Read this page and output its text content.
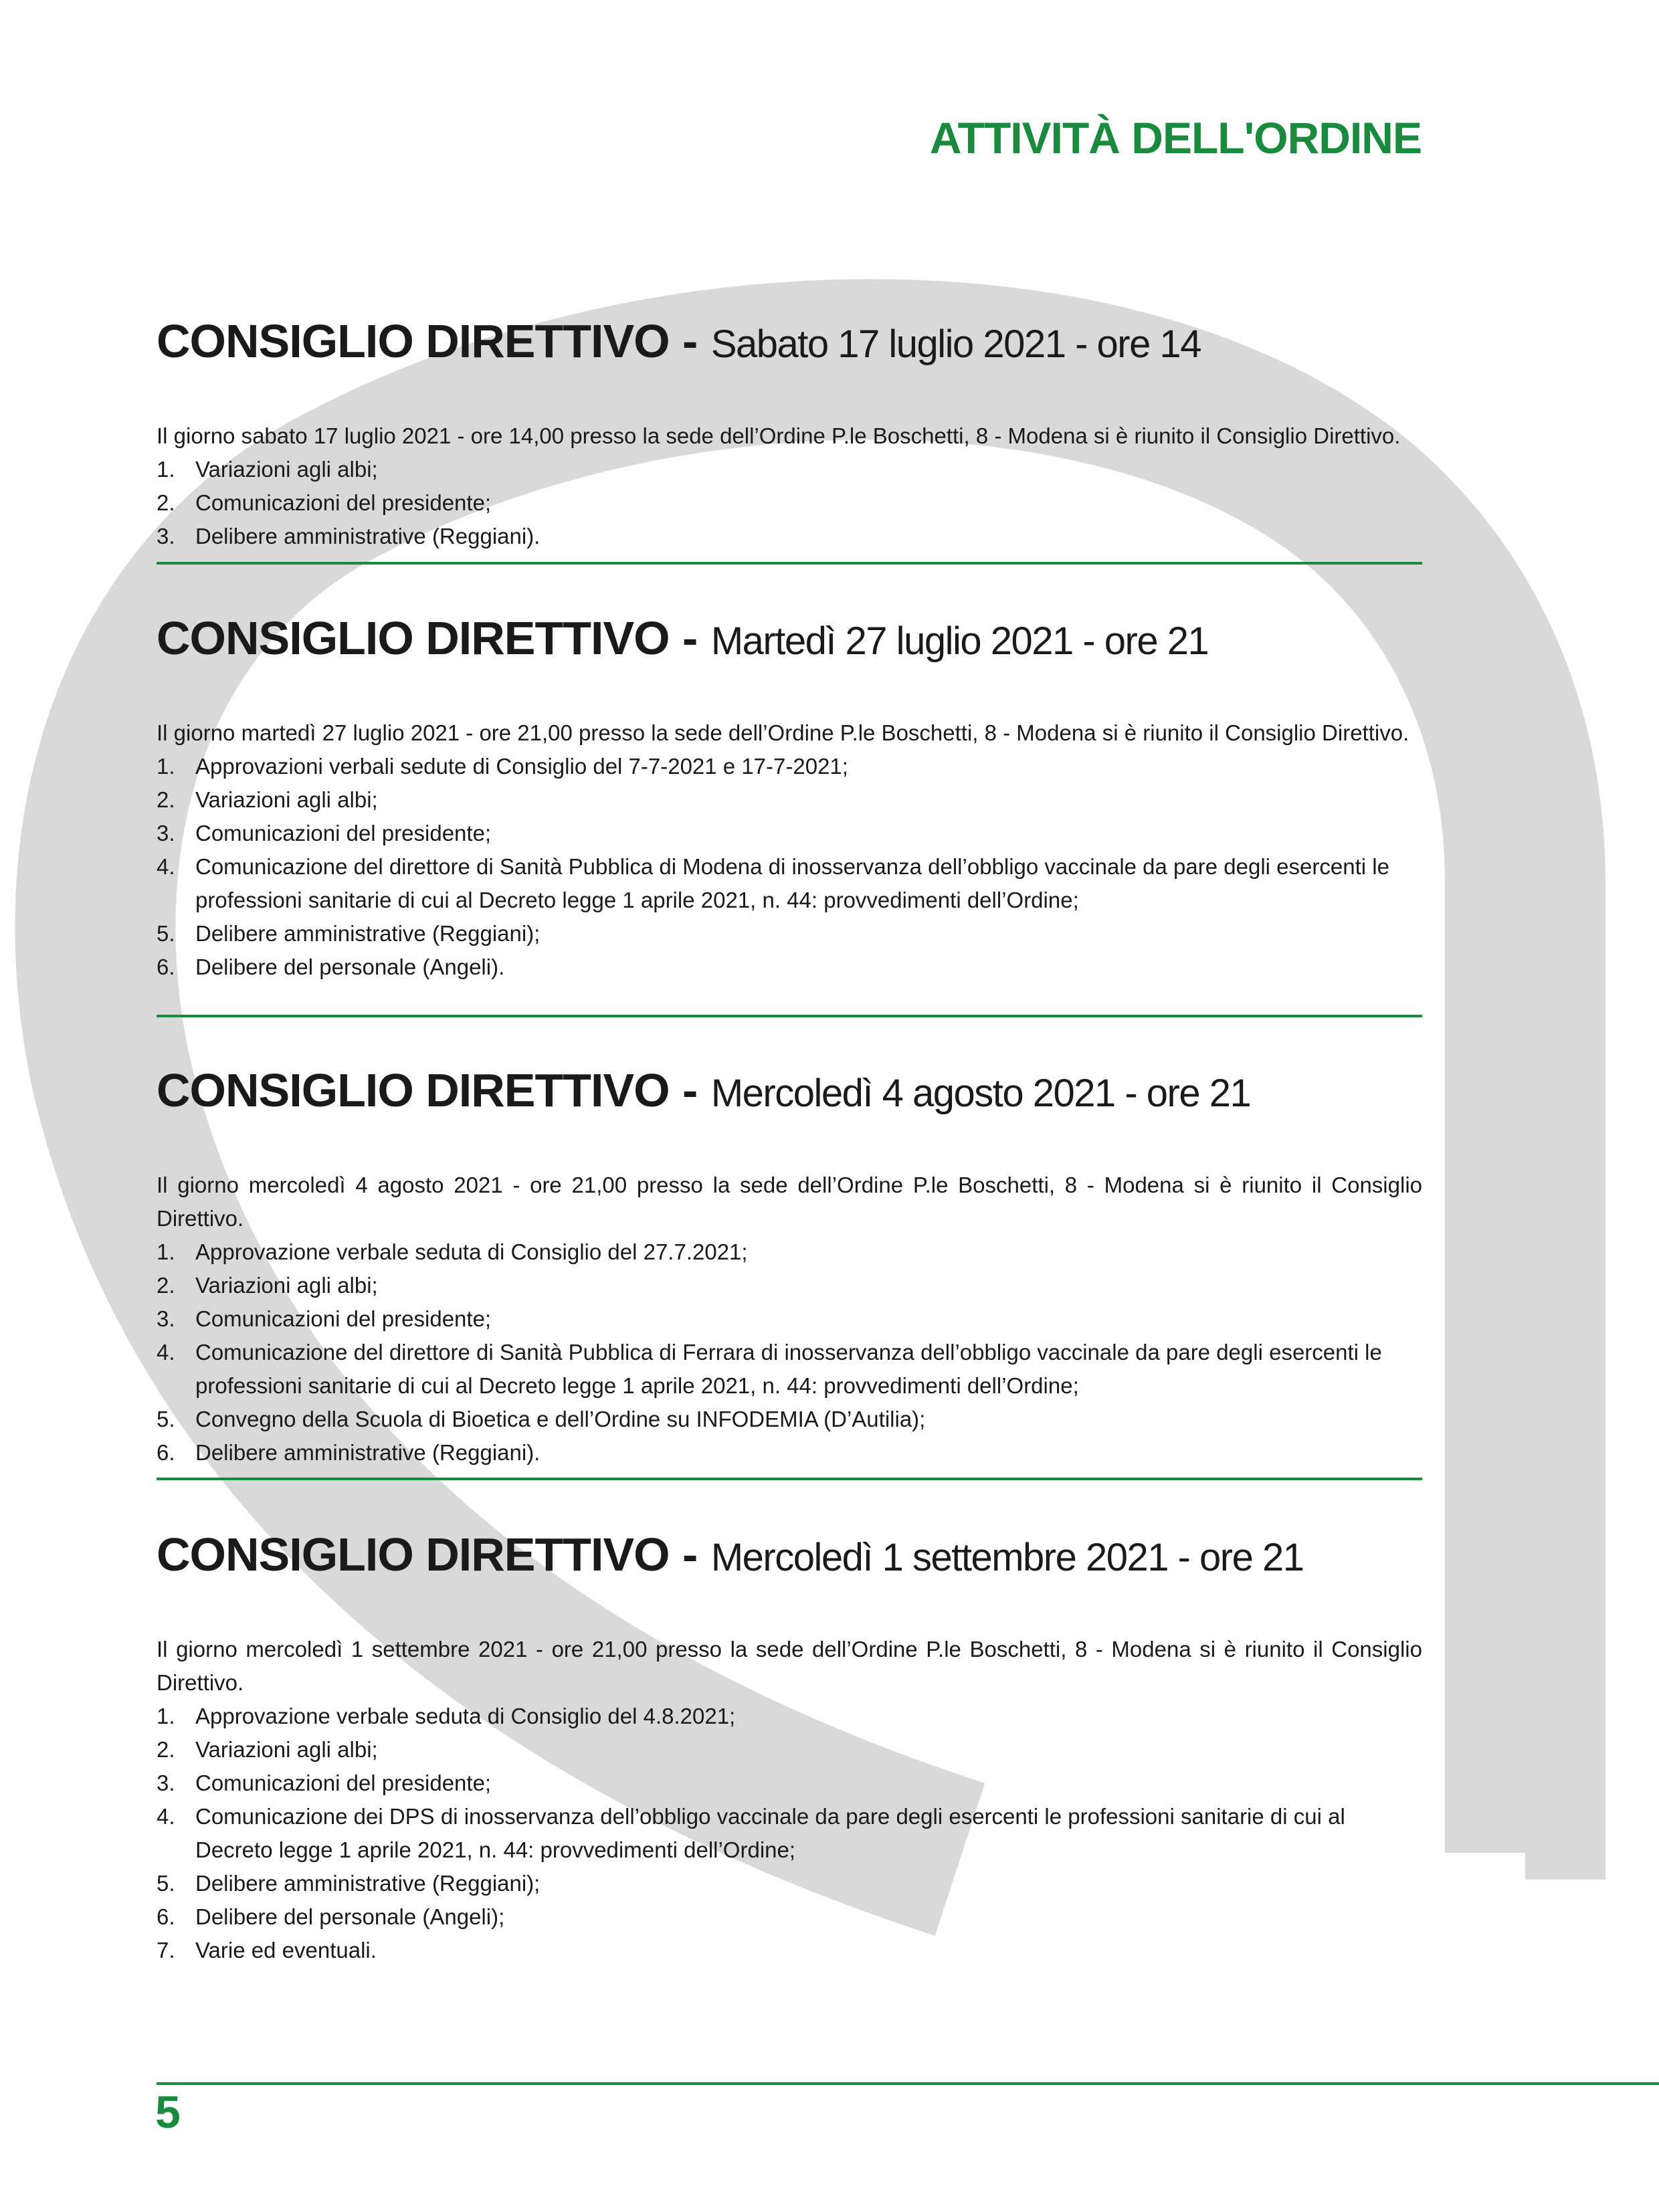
ATTIVITÀ DELL'ORDINE
CONSIGLIO DIRETTIVO - Sabato 17 luglio 2021 - ore 14

Il giorno sabato 17 luglio 2021 - ore 14,00 presso la sede dell’Ordine P.le Boschetti, 8 - Modena si è riunito il Consiglio Direttivo.

1. Variazioni agli albi;
2. Comunicazioni del presidente;
3. Delibere amministrative (Reggiani).
CONSIGLIO DIRETTIVO - Martedì 27 luglio 2021 - ore 21

Il giorno martedì 27 luglio 2021 - ore 21,00 presso la sede dell’Ordine P.le Boschetti, 8 - Modena si è riunito il Consiglio Direttivo.

1. Approvazioni verbali sedute di Consiglio del 7-7-2021 e 17-7-2021;
2. Variazioni agli albi;
3. Comunicazioni del presidente;
4. Comunicazione del direttore di Sanità Pubblica di Modena di inosservanza dell’obbligo vaccinale da pare degli esercenti le professioni sanitarie di cui al Decreto legge 1 aprile 2021, n. 44: provvedimenti dell’Ordine;
5. Delibere amministrative (Reggiani);
6. Delibere del personale (Angeli).
CONSIGLIO DIRETTIVO - Mercoledì 4 agosto 2021 - ore 21

Il giorno mercoledì 4 agosto 2021 - ore 21,00 presso la sede dell’Ordine P.le Boschetti, 8 - Modena si è riunito il Consiglio Direttivo.

1. Approvazione verbale seduta di Consiglio del 27.7.2021;
2. Variazioni agli albi;
3. Comunicazioni del presidente;
4. Comunicazione del direttore di Sanità Pubblica di Ferrara di inosservanza dell’obbligo vaccinale da pare degli esercenti le professioni sanitarie di cui al Decreto legge 1 aprile 2021, n. 44: provvedimenti dell’Ordine;
5. Convegno della Scuola di Bioetica e dell’Ordine su INFODEMIA (D’Autilia);
6. Delibere amministrative (Reggiani).
CONSIGLIO DIRETTIVO - Mercoledì 1 settembre 2021 - ore 21

Il giorno mercoledì 1 settembre 2021 - ore 21,00 presso la sede dell’Ordine P.le Boschetti, 8 - Modena si è riunito il Consiglio Direttivo.

1. Approvazione verbale seduta di Consiglio del 4.8.2021;
2. Variazioni agli albi;
3. Comunicazioni del presidente;
4. Comunicazione dei DPS di inosservanza dell’obbligo vaccinale da pare degli esercenti le professioni sanitarie di cui al Decreto legge 1 aprile 2021, n. 44: provvedimenti dell’Ordine;
5. Delibere amministrative (Reggiani);
6. Delibere del personale (Angeli);
7. Varie ed eventuali.

5
